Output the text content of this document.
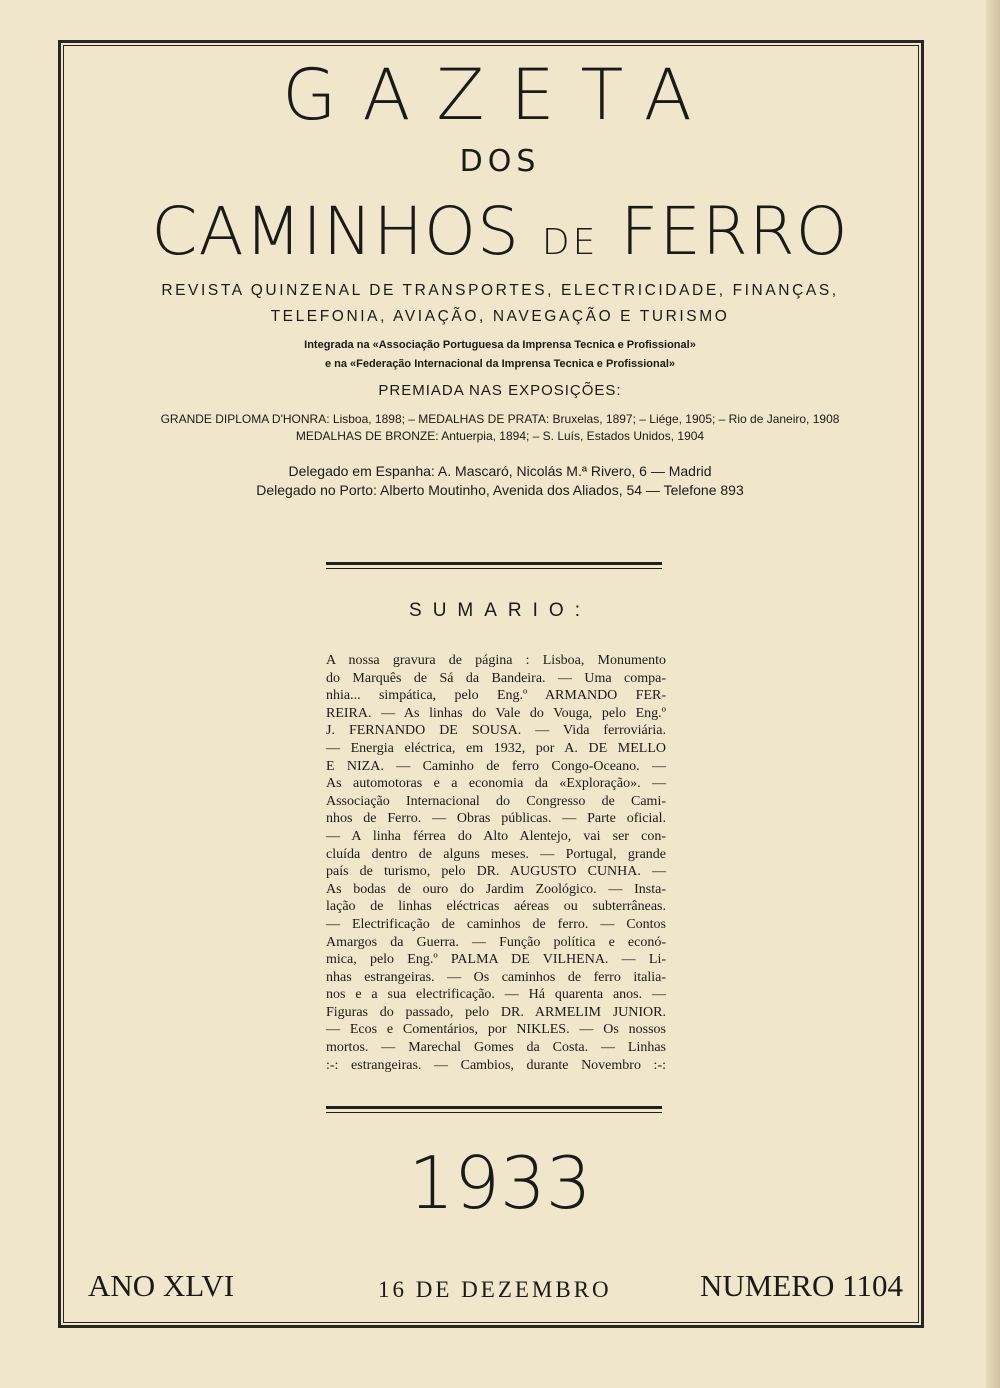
GAZETA
DOS
CAMINHOS DE FERRO
REVISTA QUINZENAL DE TRANSPORTES, ELECTRICIDADE, FINANÇAS,
TELEFONIA, AVIAÇÃO, NAVEGAÇÃO E TURISMO
Integrada na «Associação Portuguesa da Imprensa Tecnica e Profissional»
e na «Federação Internacional da Imprensa Tecnica e Profissional»
PREMIADA NAS EXPOSIÇÕES:
GRANDE DIPLOMA D'HONRA: Lisboa, 1898; – MEDALHAS DE PRATA: Bruxelas, 1897; – Liége, 1905; – Rio de Janeiro, 1908
MEDALHAS DE BRONZE: Antuerpia, 1894; – S. Luís, Estados Unidos, 1904
Delegado em Espanha: A. Mascaró, Nicolás M.ª Rivero, 6 — Madrid
Delegado no Porto: Alberto Moutinho, Avenida dos Aliados, 54 — Telefone 893
SUMARIO:
A nossa gravura de página : Lisboa, Monumento
do Marquês de Sá da Bandeira. — Uma compa-
nhia... simpática, pelo Eng.º ARMANDO FER-
REIRA. — As linhas do Vale do Vouga, pelo Eng.º
J. FERNANDO DE SOUSA. — Vida ferroviária.
— Energia eléctrica, em 1932, por A. DE MELLO
E NIZA. — Caminho de ferro Congo-Oceano. —
As automotoras e a economia da «Exploração». —
Associação Internacional do Congresso de Cami-
nhos de Ferro. — Obras públicas. — Parte oficial.
— A linha férrea do Alto Alentejo, vai ser con-
cluída dentro de alguns meses. — Portugal, grande
país de turismo, pelo DR. AUGUSTO CUNHA. —
As bodas de ouro do Jardim Zoológico. — Insta-
lação de linhas eléctricas aéreas ou subterrâneas.
— Electrificação de caminhos de ferro. — Contos
Amargos da Guerra. — Função política e econó-
mica, pelo Eng.º PALMA DE VILHENA. — Li-
nhas estrangeiras. — Os caminhos de ferro italia-
nos e a sua electrificação. — Há quarenta anos. —
Figuras do passado, pelo DR. ARMELIM JUNIOR.
— Ecos e Comentários, por NIKLES. — Os nossos
mortos. — Marechal Gomes da Costa. — Linhas
:-: estrangeiras. — Cambios, durante Novembro :-:
1933
ANO XLVI	16 DE DEZEMBRO	NUMERO 1104
